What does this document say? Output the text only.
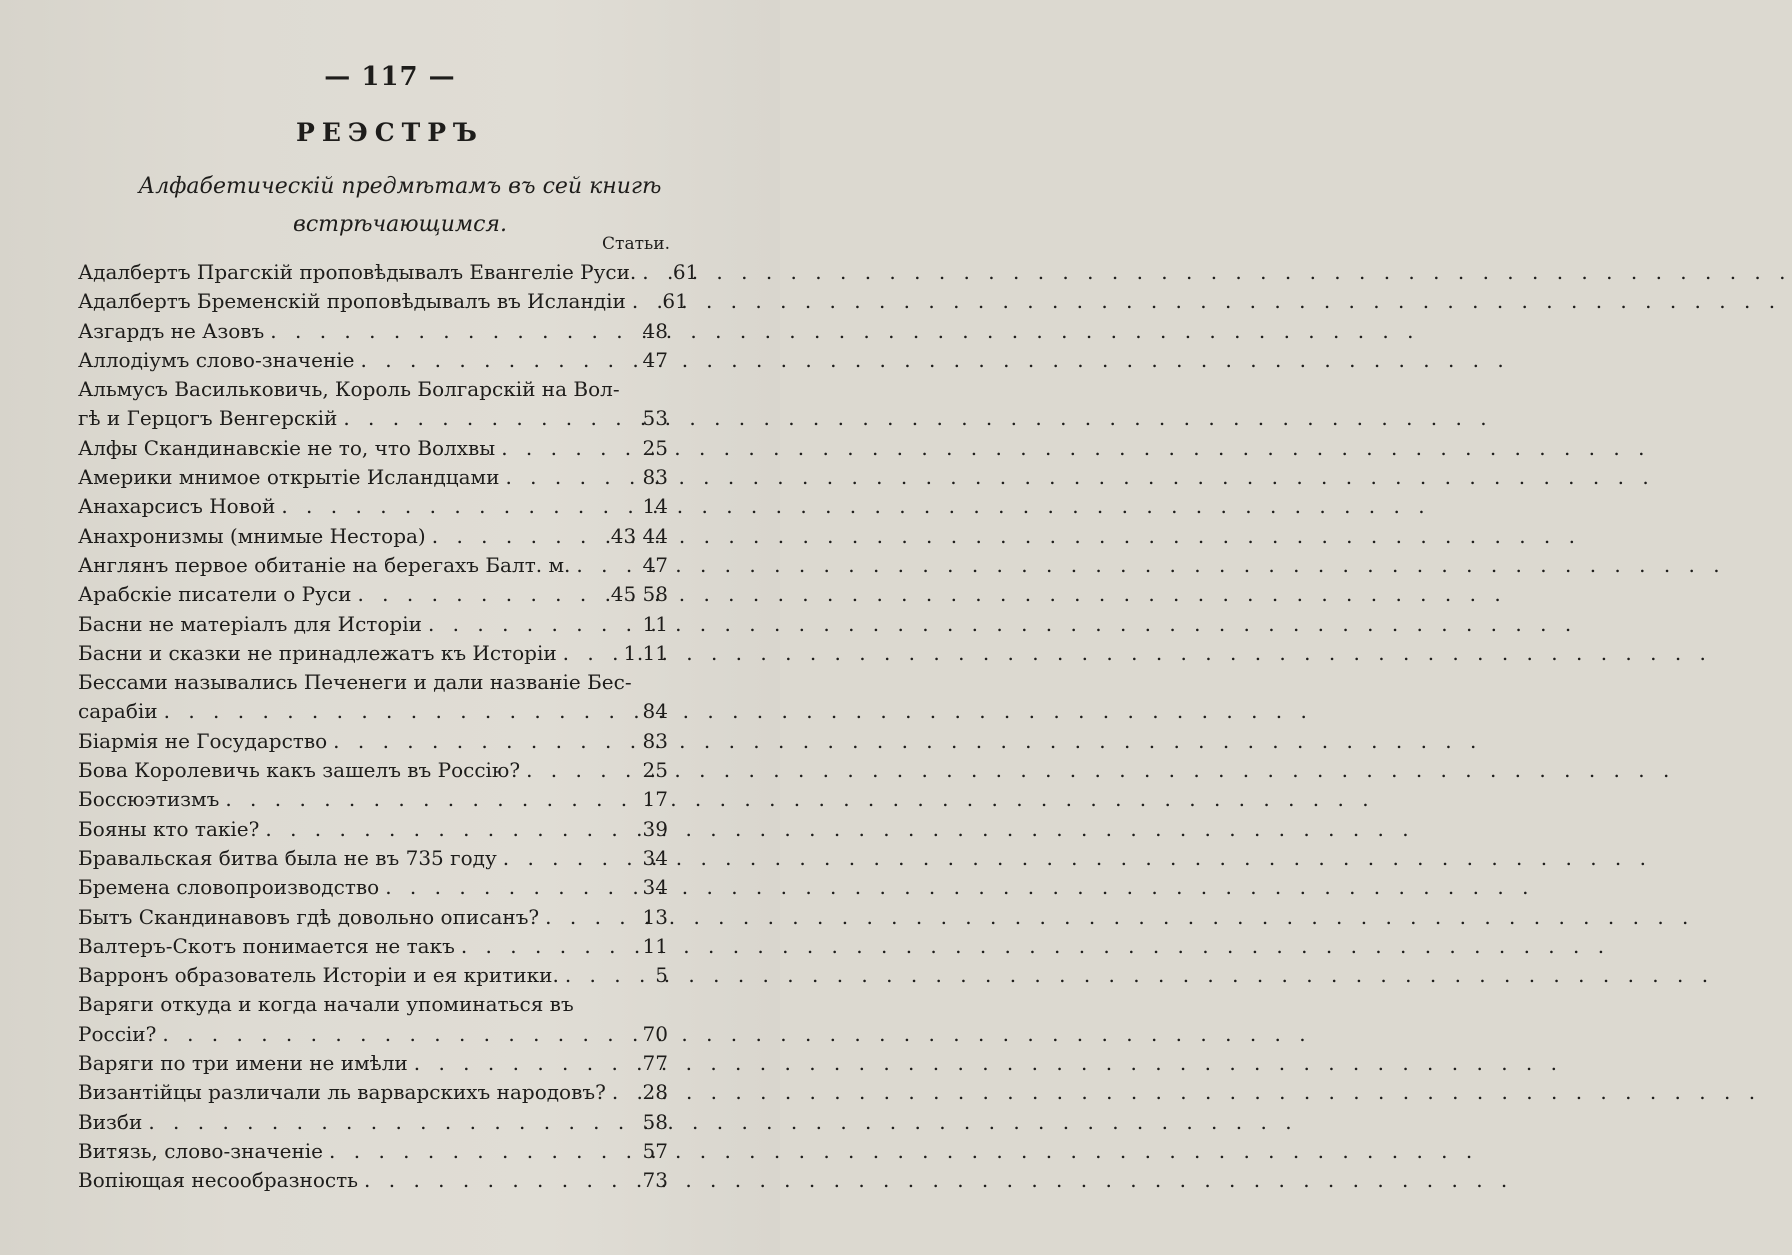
— 117 —
РЕЭСТРЪ
Алфабетическій предмѣтамъ въ сей книгѣ встрѣчающимся.
Статьи.
Адалбертъ Прагскій проповѣдывалъ Евангеліе Руси. . . .	61
Адалбертъ Бременскій проповѣдывалъ въ Исландіи . . .	61
Азгардъ не Азовъ . . .	48
Аллодіумъ слово-значеніе . . .	47
Альмусъ Васильковичь, Король Болгарскій на Вол-
гѣ и Герцогъ Венгерскій . . .	53
Алфы Скандинавскіе не то, что Волхвы . . .	25
Америки мнимое открытіе Исландцами . . .	83
Анахарсисъ Новой . . .	14
Анахронизмы (мнимые Нестора) . . .	43 44
Англянъ первое обитаніе на берегахъ Балт. м. . . .	47
Арабскіе писатели о Руси . . .	45 58
Басни не матеріалъ для Исторіи . . .	11
Басни и сказки не принадлежатъ къ Исторіи . . .	1 11
Бессами назывались Печенеги и дали названіе Бес-
сарабіи . . .	84
Біармія не Государство . . .	83
Бова Королевичь какъ зашелъ въ Россію? . . .	25
Боссюэтизмъ . . .	17
Бояны кто такіе? . . .	39
Бравальская битва была не въ 735 году . . .	34
Бремена словопроизводство . . .	34
Бытъ Скандинавовъ гдѣ довольно описанъ? . . .	13
Валтеръ-Скотъ понимается не такъ . . .	11
Варронъ образователь Исторіи и ея критики. . . .	5
Варяги откуда и когда начали упоминаться въ
Россіи? . . .	70
Варяги по три имени не имѣли . . .	77
Византійцы различали ль варварскихъ народовъ? . . .	28
Визби . . .	58
Витязь, слово-значеніе . . .	57
Вопіющая несообразность . . .	73
